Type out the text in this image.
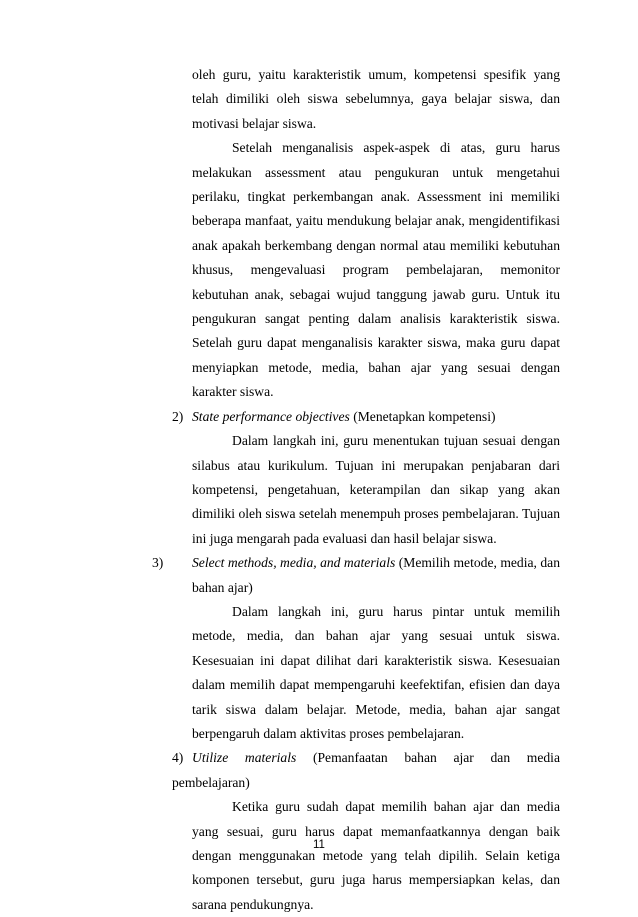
oleh guru, yaitu karakteristik umum, kompetensi spesifik yang telah dimiliki oleh siswa sebelumnya, gaya belajar siswa, dan motivasi belajar siswa.

Setelah menganalisis aspek-aspek di atas, guru harus melakukan assessment atau pengukuran untuk mengetahui perilaku, tingkat perkembangan anak. Assessment ini memiliki beberapa manfaat, yaitu mendukung belajar anak, mengidentifikasi anak apakah berkembang dengan normal atau memiliki kebutuhan khusus, mengevaluasi program pembelajaran, memonitor kebutuhan anak, sebagai wujud tanggung jawab guru. Untuk itu pengukuran sangat penting dalam analisis karakteristik siswa. Setelah guru dapat menganalisis karakter siswa, maka guru dapat menyiapkan metode, media, bahan ajar yang sesuai dengan karakter siswa.

2) State performance objectives (Menetapkan kompetensi)

Dalam langkah ini, guru menentukan tujuan sesuai dengan silabus atau kurikulum. Tujuan ini merupakan penjabaran dari kompetensi, pengetahuan, keterampilan dan sikap yang akan dimiliki oleh siswa setelah menempuh proses pembelajaran. Tujuan ini juga mengarah pada evaluasi dan hasil belajar siswa.

3) Select methods, media, and materials (Memilih metode, media, dan bahan ajar)

Dalam langkah ini, guru harus pintar untuk memilih metode, media, dan bahan ajar yang sesuai untuk siswa. Kesesuaian ini dapat dilihat dari karakteristik siswa. Kesesuaian dalam memilih dapat mempengaruhi keefektifan, efisien dan daya tarik siswa dalam belajar. Metode, media, bahan ajar sangat berpengaruh dalam aktivitas proses pembelajaran.

4) Utilize materials (Pemanfaatan bahan ajar dan media pembelajaran)

Ketika guru sudah dapat memilih bahan ajar dan media yang sesuai, guru harus dapat memanfaatkannya dengan baik dengan menggunakan metode yang telah dipilih. Selain ketiga komponen tersebut, guru juga harus mempersiapkan kelas, dan sarana pendukungnya.

11
